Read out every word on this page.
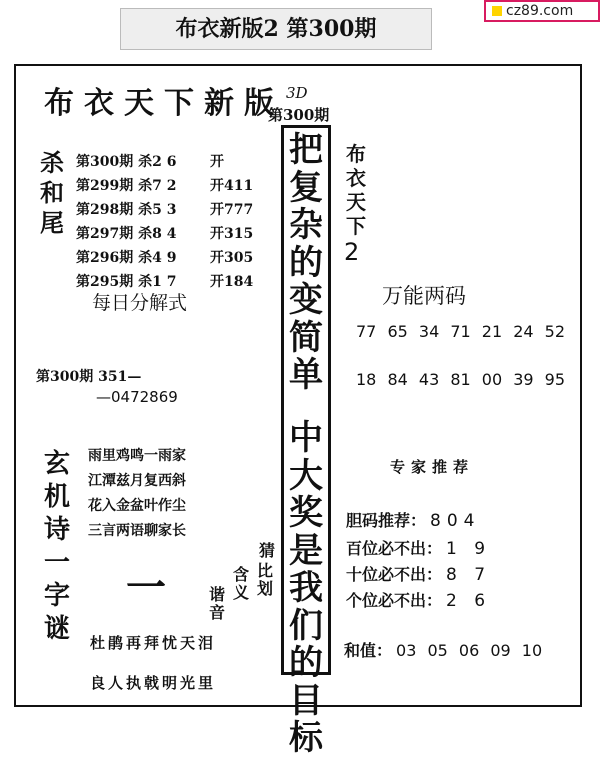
布衣新版2 第300期
cz89.com
布衣天下新版 3D
第300期
把
复
杂
的
变
简
单
中
大
奖
是
我
们
的
目
标
布
衣
天
下
2
万能两码
77 65 34 71 21 24 52
18 84 43 81 00 39 95
杀
和
尾
第300期 杀2 6	开
第299期 杀7 2	开411
第298期 杀5 3	开777
第297期 杀8 4	开315
第296期 杀4 9	开305
第295期 杀1 7	开184
每日分解式
第300期 351—
—0472869
玄
机
诗
一
字
谜
雨里鸡鸣一雨家
江潭兹月复西斜
花入金盆叶作尘
三言两语聊家长
一	谐音
含义
比划
猜
杜鹃再拜忧天泪
良人执戟明光里
专家推荐
胆码推荐： 804
百位必不出： 1 9
十位必不出： 8 7
个位必不出： 2 6
和值： 03 05 06 09 10
